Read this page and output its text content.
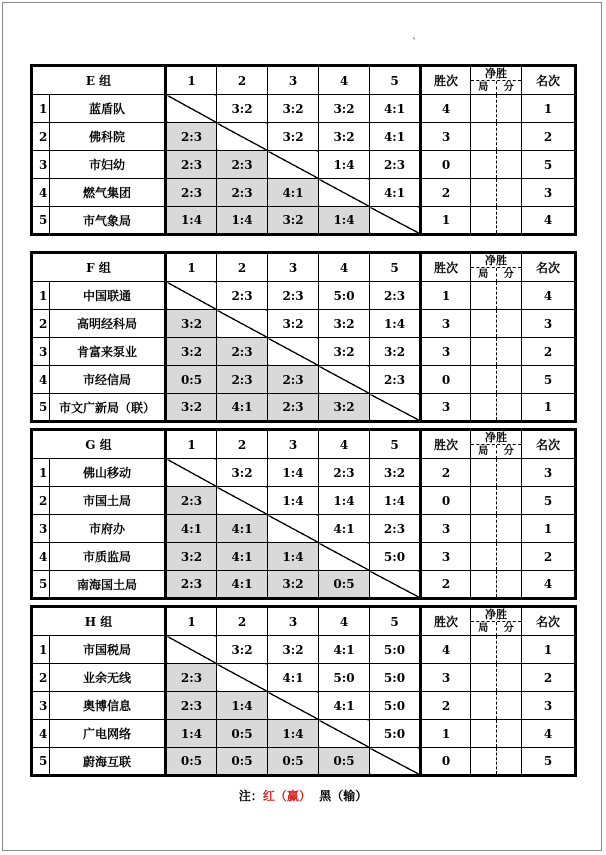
`
E 组		1	2	3	4	5	胜次	净胜
局 分		名次
1	蓝盾队		3:2	3:2	3:2	4:1	4			1
2	佛科院	2:3		3:2	3:2	4:1	3			2
3	市妇幼	2:3	2:3		1:4	2:3	0			5
4	燃气集团	2:3	2:3	4:1		4:1	2			3
5	市气象局	1:4	1:4	3:2	1:4		1			4
F 组		1	2	3	4	5	胜次	净胜
局 分		名次
1	中国联通		2:3	2:3	5:0	2:3	1			4
2	高明经科局	3:2		3:2	3:2	1:4	3			3
3	肯富来泵业	3:2	2:3		3:2	3:2	3			2
4	市经信局	0:5	2:3	2:3		2:3	0			5
5	市文广新局（联）	3:2	4:1	2:3	3:2		3			1
G 组		1	2	3	4	5	胜次	净胜
局 分		名次
1	佛山移动		3:2	1:4	2:3	3:2	2			3
2	市国土局	2:3		1:4	1:4	1:4	0			5
3	市府办	4:1	4:1		4:1	2:3	3			1
4	市质监局	3:2	4:1	1:4		5:0	3			2
5	南海国土局	2:3	4:1	3:2	0:5		2			4
H 组		1	2	3	4	5	胜次	净胜
局 分		名次
1	市国税局		3:2	3:2	4:1	5:0	4			1
2	业余无线	2:3		4:1	5:0	5:0	3			2
3	奥博信息	2:3	1:4		4:1	5:0	2			3
4	广电网络	1:4	0:5	1:4		5:0	1			4
5	蔚海互联	0:5	0:5	0:5	0:5		0			5
注：红（赢） 黑（输）
